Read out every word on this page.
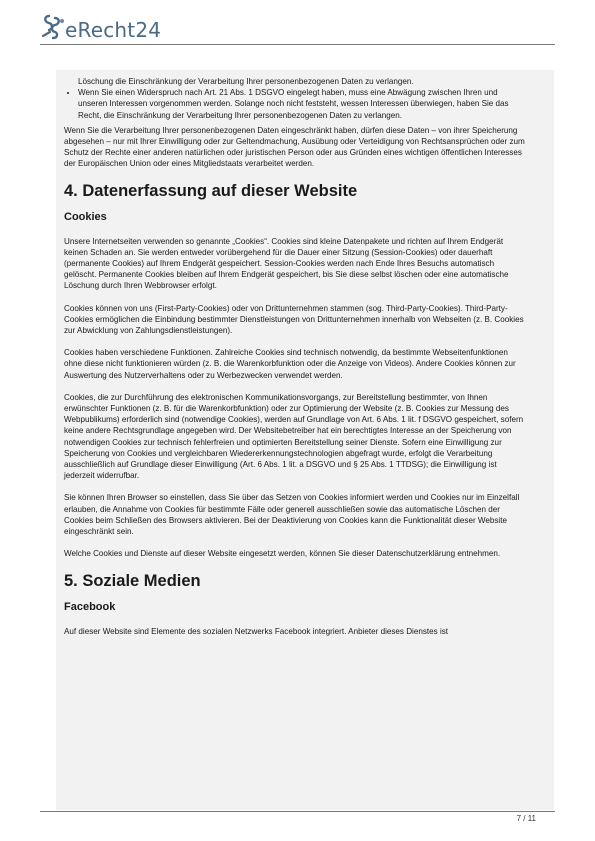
eRecht24
Löschung die Einschränkung der Verarbeitung Ihrer personenbezogenen Daten zu verlangen.
• Wenn Sie einen Widerspruch nach Art. 21 Abs. 1 DSGVO eingelegt haben, muss eine Abwägung zwischen Ihren und unseren Interessen vorgenommen werden. Solange noch nicht feststeht, wessen Interessen überwiegen, haben Sie das Recht, die Einschränkung der Verarbeitung Ihrer personenbezogenen Daten zu verlangen.

Wenn Sie die Verarbeitung Ihrer personenbezogenen Daten eingeschränkt haben, dürfen diese Daten – von ihrer Speicherung abgesehen – nur mit Ihrer Einwilligung oder zur Geltendmachung, Ausübung oder Verteidigung von Rechtsansprüchen oder zum Schutz der Rechte einer anderen natürlichen oder juristischen Person oder aus Gründen eines wichtigen öffentlichen Interesses der Europäischen Union oder eines Mitgliedstaats verarbeitet werden.

4. Datenerfassung auf dieser Website
Cookies

Unsere Internetseiten verwenden so genannte „Cookies“. Cookies sind kleine Datenpakete und richten auf Ihrem Endgerät keinen Schaden an. Sie werden entweder vorübergehend für die Dauer einer Sitzung (Session-Cookies) oder dauerhaft (permanente Cookies) auf Ihrem Endgerät gespeichert. Session-Cookies werden nach Ende Ihres Besuchs automatisch gelöscht. Permanente Cookies bleiben auf Ihrem Endgerät gespeichert, bis Sie diese selbst löschen oder eine automatische Löschung durch Ihren Webbrowser erfolgt.

Cookies können von uns (First-Party-Cookies) oder von Drittunternehmen stammen (sog. Third-Party-Cookies). Third-Party-Cookies ermöglichen die Einbindung bestimmter Dienstleistungen von Drittunternehmen innerhalb von Webseiten (z. B. Cookies zur Abwicklung von Zahlungsdienstleistungen).

Cookies haben verschiedene Funktionen. Zahlreiche Cookies sind technisch notwendig, da bestimmte Webseitenfunktionen ohne diese nicht funktionieren würden (z. B. die Warenkorbfunktion oder die Anzeige von Videos). Andere Cookies können zur Auswertung des Nutzerverhaltens oder zu Werbezwecken verwendet werden.

Cookies, die zur Durchführung des elektronischen Kommunikationsvorgangs, zur Bereitstellung bestimmter, von Ihnen erwünschter Funktionen (z. B. für die Warenkorbfunktion) oder zur Optimierung der Website (z. B. Cookies zur Messung des Webpublikums) erforderlich sind (notwendige Cookies), werden auf Grundlage von Art. 6 Abs. 1 lit. f DSGVO gespeichert, sofern keine andere Rechtsgrundlage angegeben wird. Der Websitebetreiber hat ein berechtigtes Interesse an der Speicherung von notwendigen Cookies zur technisch fehlerfreien und optimierten Bereitstellung seiner Dienste. Sofern eine Einwilligung zur Speicherung von Cookies und vergleichbaren Wiedererkennungstechnologien abgefragt wurde, erfolgt die Verarbeitung ausschließlich auf Grundlage dieser Einwilligung (Art. 6 Abs. 1 lit. a DSGVO und § 25 Abs. 1 TTDSG); die Einwilligung ist jederzeit widerrufbar.

Sie können Ihren Browser so einstellen, dass Sie über das Setzen von Cookies informiert werden und Cookies nur im Einzelfall erlauben, die Annahme von Cookies für bestimmte Fälle oder generell ausschließen sowie das automatische Löschen der Cookies beim Schließen des Browsers aktivieren. Bei der Deaktivierung von Cookies kann die Funktionalität dieser Website eingeschränkt sein.

Welche Cookies und Dienste auf dieser Website eingesetzt werden, können Sie dieser Datenschutzerklärung entnehmen.

5. Soziale Medien
Facebook

Auf dieser Website sind Elemente des sozialen Netzwerks Facebook integriert. Anbieter dieses Dienstes ist

7 / 11
